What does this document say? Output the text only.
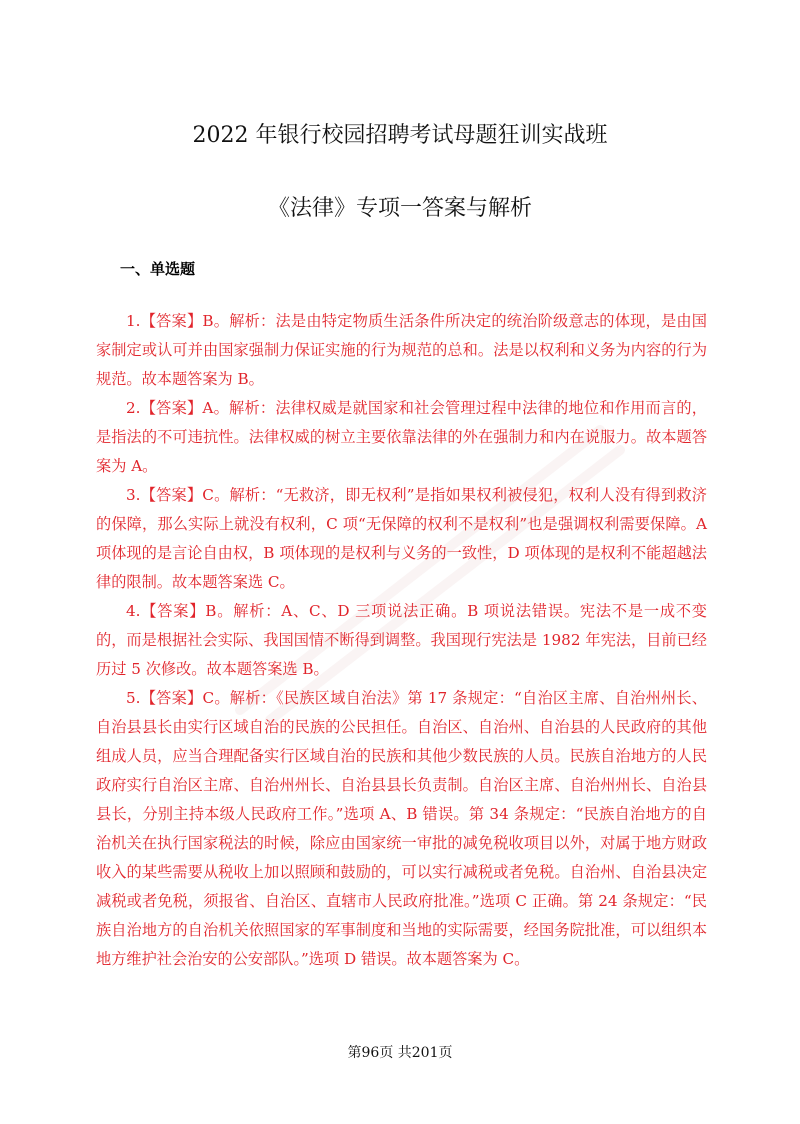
2022 年银行校园招聘考试母题狂训实战班
《法律》专项一答案与解析
一、单选题

1.【答案】B。解析：法是由特定物质生活条件所决定的统治阶级意志的体现，是由国家制定或认可并由国家强制力保证实施的行为规范的总和。法是以权利和义务为内容的行为规范。故本题答案为 B。

2.【答案】A。解析：法律权威是就国家和社会管理过程中法律的地位和作用而言的，是指法的不可违抗性。法律权威的树立主要依靠法律的外在强制力和内在说服力。故本题答案为 A。

3.【答案】C。解析：“无救济，即无权利”是指如果权利被侵犯，权利人没有得到救济的保障，那么实际上就没有权利，C 项“无保障的权利不是权利”也是强调权利需要保障。A 项体现的是言论自由权，B 项体现的是权利与义务的一致性，D 项体现的是权利不能超越法律的限制。故本题答案选 C。

4.【答案】B。解析：A、C、D 三项说法正确。B 项说法错误。宪法不是一成不变的，而是根据社会实际、我国国情不断得到调整。我国现行宪法是 1982 年宪法，目前已经历过 5 次修改。故本题答案选 B。

5.【答案】C。解析：《民族区域自治法》第 17 条规定：“自治区主席、自治州州长、自治县县长由实行区域自治的民族的公民担任。自治区、自治州、自治县的人民政府的其他组成人员，应当合理配备实行区域自治的民族和其他少数民族的人员。民族自治地方的人民政府实行自治区主席、自治州州长、自治县县长负责制。自治区主席、自治州州长、自治县县长，分别主持本级人民政府工作。”选项 A、B 错误。第 34 条规定：“民族自治地方的自治机关在执行国家税法的时候，除应由国家统一审批的减免税收项目以外，对属于地方财政收入的某些需要从税收上加以照顾和鼓励的，可以实行减税或者免税。自治州、自治县决定减税或者免税，须报省、自治区、直辖市人民政府批准。”选项 C 正确。第 24 条规定：“民族自治地方的自治机关依照国家的军事制度和当地的实际需要，经国务院批准，可以组织本地方维护社会治安的公安部队。”选项 D 错误。故本题答案为 C。

第96页 共201页
